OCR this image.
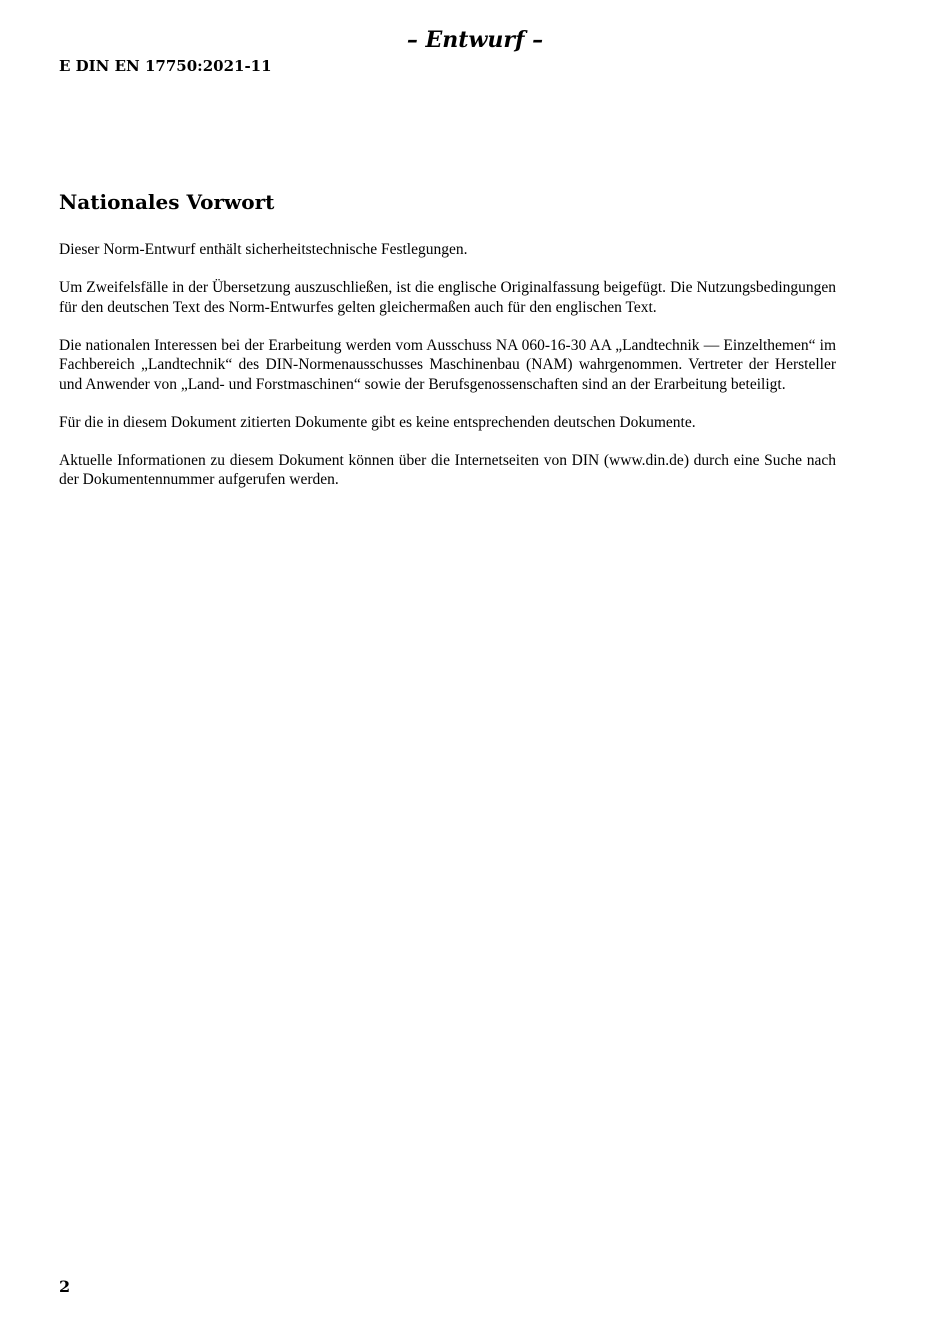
– Entwurf –
E DIN EN 17750:2021-11
Nationales Vorwort

Dieser Norm-Entwurf enthält sicherheitstechnische Festlegungen.

Um Zweifelsfälle in der Übersetzung auszuschließen, ist die englische Originalfassung beigefügt. Die Nutzungsbedingungen für den deutschen Text des Norm-Entwurfes gelten gleichermaßen auch für den englischen Text.

Die nationalen Interessen bei der Erarbeitung werden vom Ausschuss NA 060-16-30 AA „Landtechnik — Einzelthemen“ im Fachbereich „Landtechnik“ des DIN-Normenausschusses Maschinenbau (NAM) wahrgenommen. Vertreter der Hersteller und Anwender von „Land- und Forstmaschinen“ sowie der Berufsgenossenschaften sind an der Erarbeitung beteiligt.

Für die in diesem Dokument zitierten Dokumente gibt es keine entsprechenden deutschen Dokumente.

Aktuelle Informationen zu diesem Dokument können über die Internetseiten von DIN (www.din.de) durch eine Suche nach der Dokumentennummer aufgerufen werden.

2
